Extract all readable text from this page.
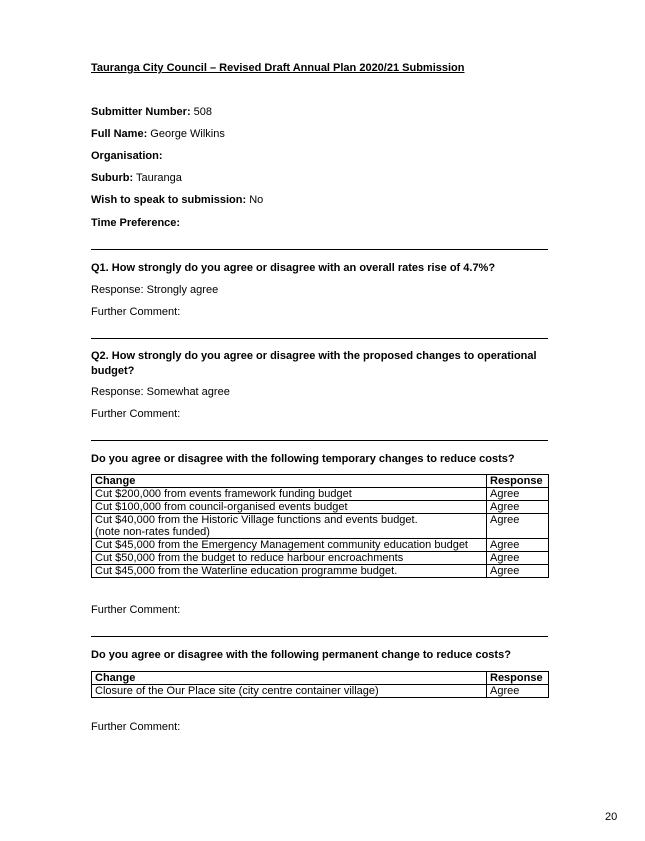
Tauranga City Council – Revised Draft Annual Plan 2020/21 Submission
Submitter Number: 508
Full Name: George Wilkins
Organisation:
Suburb: Tauranga
Wish to speak to submission: No
Time Preference:
Q1. How strongly do you agree or disagree with an overall rates rise of 4.7%?
Response: Strongly agree
Further Comment:
Q2. How strongly do you agree or disagree with the proposed changes to operational budget?
Response: Somewhat agree
Further Comment:
Do you agree or disagree with the following temporary changes to reduce costs?
Change	Response
Cut $200,000 from events framework funding budget	Agree
Cut $100,000 from council-organised events budget	Agree

Cut $40,000 from the Historic Village functions and events budget.
(note non-rates funded)	Agree
Cut $45,000 from the Emergency Management community education budget	Agree
Cut $50,000 from the budget to reduce harbour encroachments	Agree
Cut $45,000 from the Waterline education programme budget.	Agree
Further Comment:
Do you agree or disagree with the following permanent change to reduce costs?
Change	Response
Closure of the Our Place site (city centre container village)	Agree
Further Comment:
20
